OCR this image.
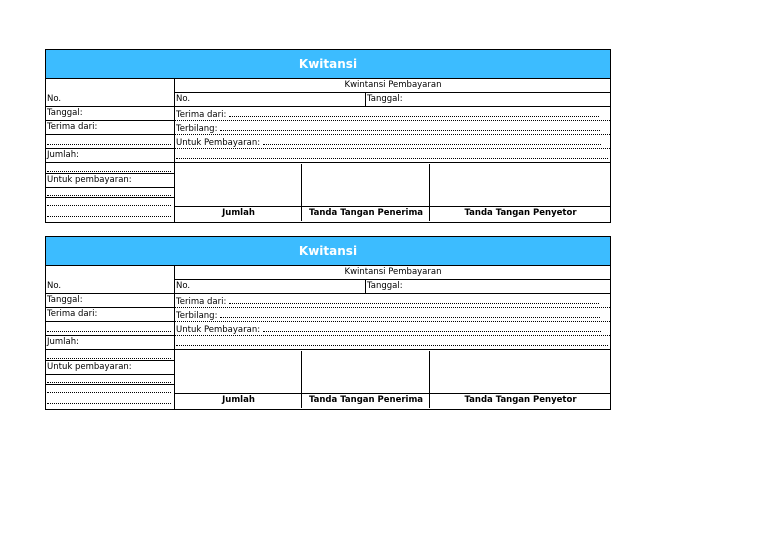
Kwitansi
Kwintansi Pembayaran
No.	Tanggal:
Terima dari:
Terbilang:
Untuk Pembayaran:
Jumlah	Tanda Tangan Penerima	Tanda Tangan Penyetor
No.
Tanggal:
Terima dari:
Jumlah:
Untuk pembayaran:
Kwitansi
Kwintansi Pembayaran
No.	Tanggal:
Terima dari:
Terbilang:
Untuk Pembayaran:
Jumlah	Tanda Tangan Penerima	Tanda Tangan Penyetor
No.
Tanggal:
Terima dari:
Jumlah:
Untuk pembayaran:
